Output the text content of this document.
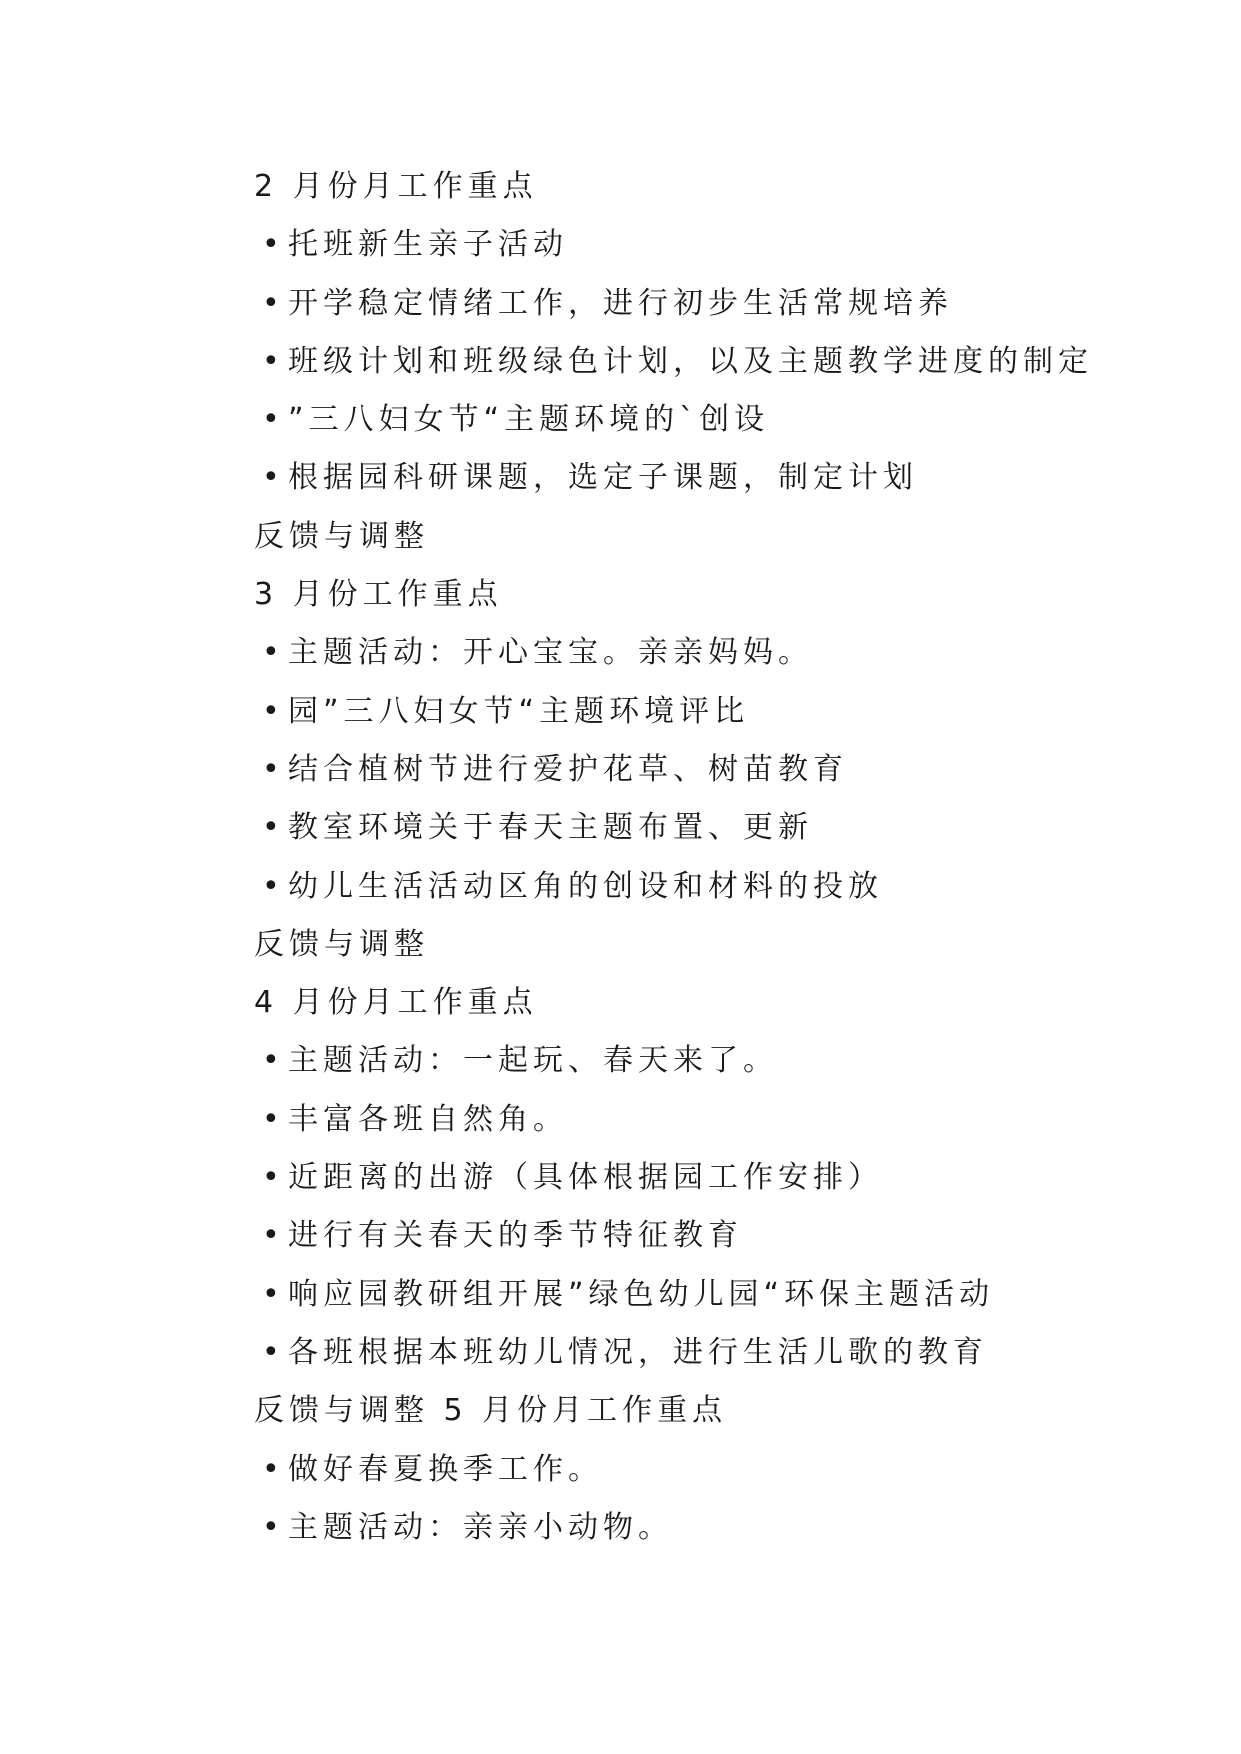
2 月份月工作重点
• 托班新生亲子活动
• 开学稳定情绪工作，进行初步生活常规培养
• 班级计划和班级绿色计划，以及主题教学进度的制定
• ”三八妇女节“主题环境的`创设
• 根据园科研课题，选定子课题，制定计划
反馈与调整
3 月份工作重点
• 主题活动：开心宝宝。亲亲妈妈。
• 园”三八妇女节“主题环境评比
• 结合植树节进行爱护花草、树苗教育
• 教室环境关于春天主题布置、更新
• 幼儿生活活动区角的创设和材料的投放
反馈与调整
4 月份月工作重点
• 主题活动：一起玩、春天来了。
• 丰富各班自然角。
• 近距离的出游（具体根据园工作安排）
• 进行有关春天的季节特征教育
• 响应园教研组开展”绿色幼儿园“环保主题活动
• 各班根据本班幼儿情况，进行生活儿歌的教育
反馈与调整 5 月份月工作重点
• 做好春夏换季工作。
• 主题活动：亲亲小动物。
